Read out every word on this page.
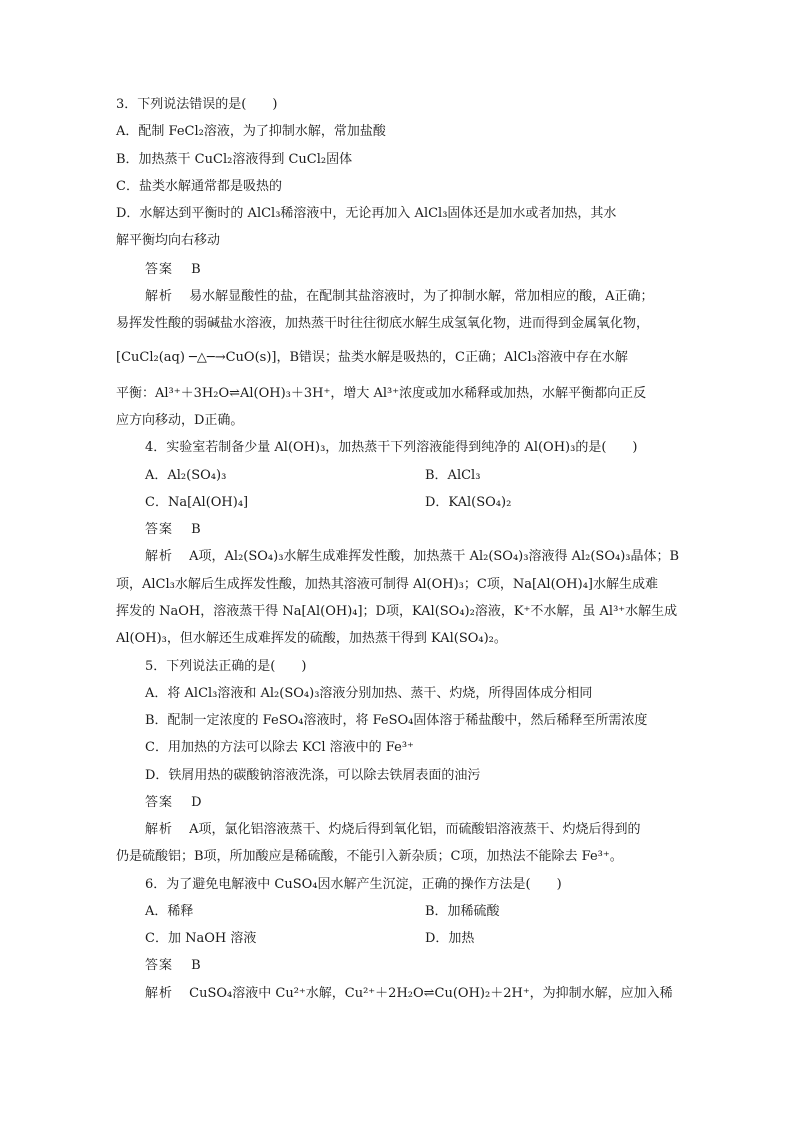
3．下列说法错误的是(　　)
A．配制 FeCl₂溶液，为了抑制水解，常加盐酸
B．加热蒸干 CuCl₂溶液得到 CuCl₂固体
C．盐类水解通常都是吸热的
D．水解达到平衡时的 AlCl₃稀溶液中，无论再加入 AlCl₃固体还是加水或者加热，其水
解平衡均向右移动
答案 B
解析 易水解显酸性的盐，在配制其盐溶液时，为了抑制水解，常加相应的酸，A正确；
易挥发性酸的弱碱盐水溶液，加热蒸干时往往彻底水解生成氢氧化物，进而得到金属氧化物，
[CuCl₂(aq) ─△─→CuO(s)]，B错误；盐类水解是吸热的，C正确；AlCl₃溶液中存在水解
平衡：Al³⁺＋3H₂O⇌Al(OH)₃＋3H⁺，增大 Al³⁺浓度或加水稀释或加热，水解平衡都向正反
应方向移动，D正确。
4．实验室若制备少量 Al(OH)₃，加热蒸干下列溶液能得到纯净的 Al(OH)₃的是(　　)
A．Al₂(SO₄)₃	B．AlCl₃
C．Na[Al(OH)₄]	D．KAl(SO₄)₂
答案 B
解析 A项，Al₂(SO₄)₃水解生成难挥发性酸，加热蒸干 Al₂(SO₄)₃溶液得 Al₂(SO₄)₃晶体；B
项，AlCl₃水解后生成挥发性酸，加热其溶液可制得 Al(OH)₃；C项，Na[Al(OH)₄]水解生成难
挥发的 NaOH，溶液蒸干得 Na[Al(OH)₄]；D项，KAl(SO₄)₂溶液，K⁺不水解，虽 Al³⁺水解生成
Al(OH)₃，但水解还生成难挥发的硫酸，加热蒸干得到 KAl(SO₄)₂。
5．下列说法正确的是(　　)
A．将 AlCl₃溶液和 Al₂(SO₄)₃溶液分别加热、蒸干、灼烧，所得固体成分相同
B．配制一定浓度的 FeSO₄溶液时，将 FeSO₄固体溶于稀盐酸中，然后稀释至所需浓度
C．用加热的方法可以除去 KCl 溶液中的 Fe³⁺
D．铁屑用热的碳酸钠溶液洗涤，可以除去铁屑表面的油污
答案 D
解析 A项，氯化铝溶液蒸干、灼烧后得到氧化铝，而硫酸铝溶液蒸干、灼烧后得到的
仍是硫酸铝；B项，所加酸应是稀硫酸，不能引入新杂质；C项，加热法不能除去 Fe³⁺。
6．为了避免电解液中 CuSO₄因水解产生沉淀，正确的操作方法是(　　)
A．稀释	B．加稀硫酸
C．加 NaOH 溶液	D．加热
答案 B
解析 CuSO₄溶液中 Cu²⁺水解，Cu²⁺＋2H₂O⇌Cu(OH)₂＋2H⁺，为抑制水解，应加入稀
